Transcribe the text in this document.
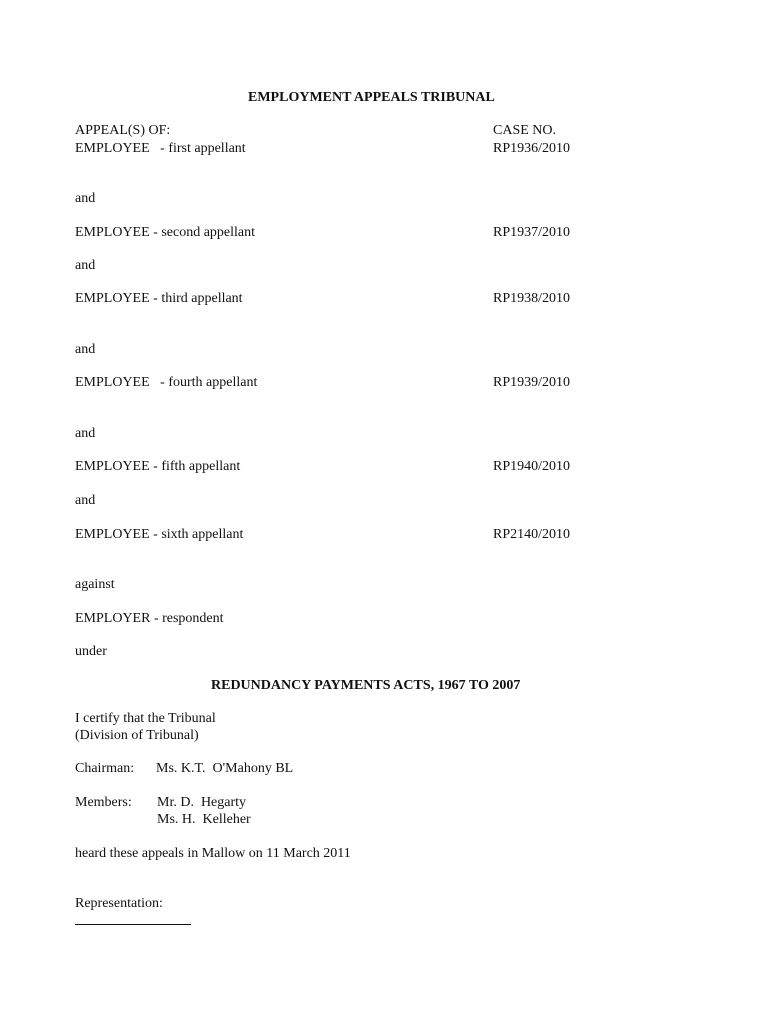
EMPLOYMENT APPEALS TRIBUNAL
APPEAL(S) OF:	CASE NO.
EMPLOYEE   - first appellant	RP1936/2010
and
EMPLOYEE - second appellant	RP1937/2010
and
EMPLOYEE - third appellant	RP1938/2010
and
EMPLOYEE   - fourth appellant	RP1939/2010
and
EMPLOYEE - fifth appellant	RP1940/2010
and
EMPLOYEE - sixth appellant	RP2140/2010
against
EMPLOYER - respondent
under
REDUNDANCY PAYMENTS ACTS, 1967 TO 2007
I certify that the Tribunal
(Division of Tribunal)
Chairman: Ms. K.T.  O'Mahony BL
Members: Mr. D.  Hegarty
Ms. H.  Kelleher
heard these appeals in Mallow on 11 March 2011
Representation:
